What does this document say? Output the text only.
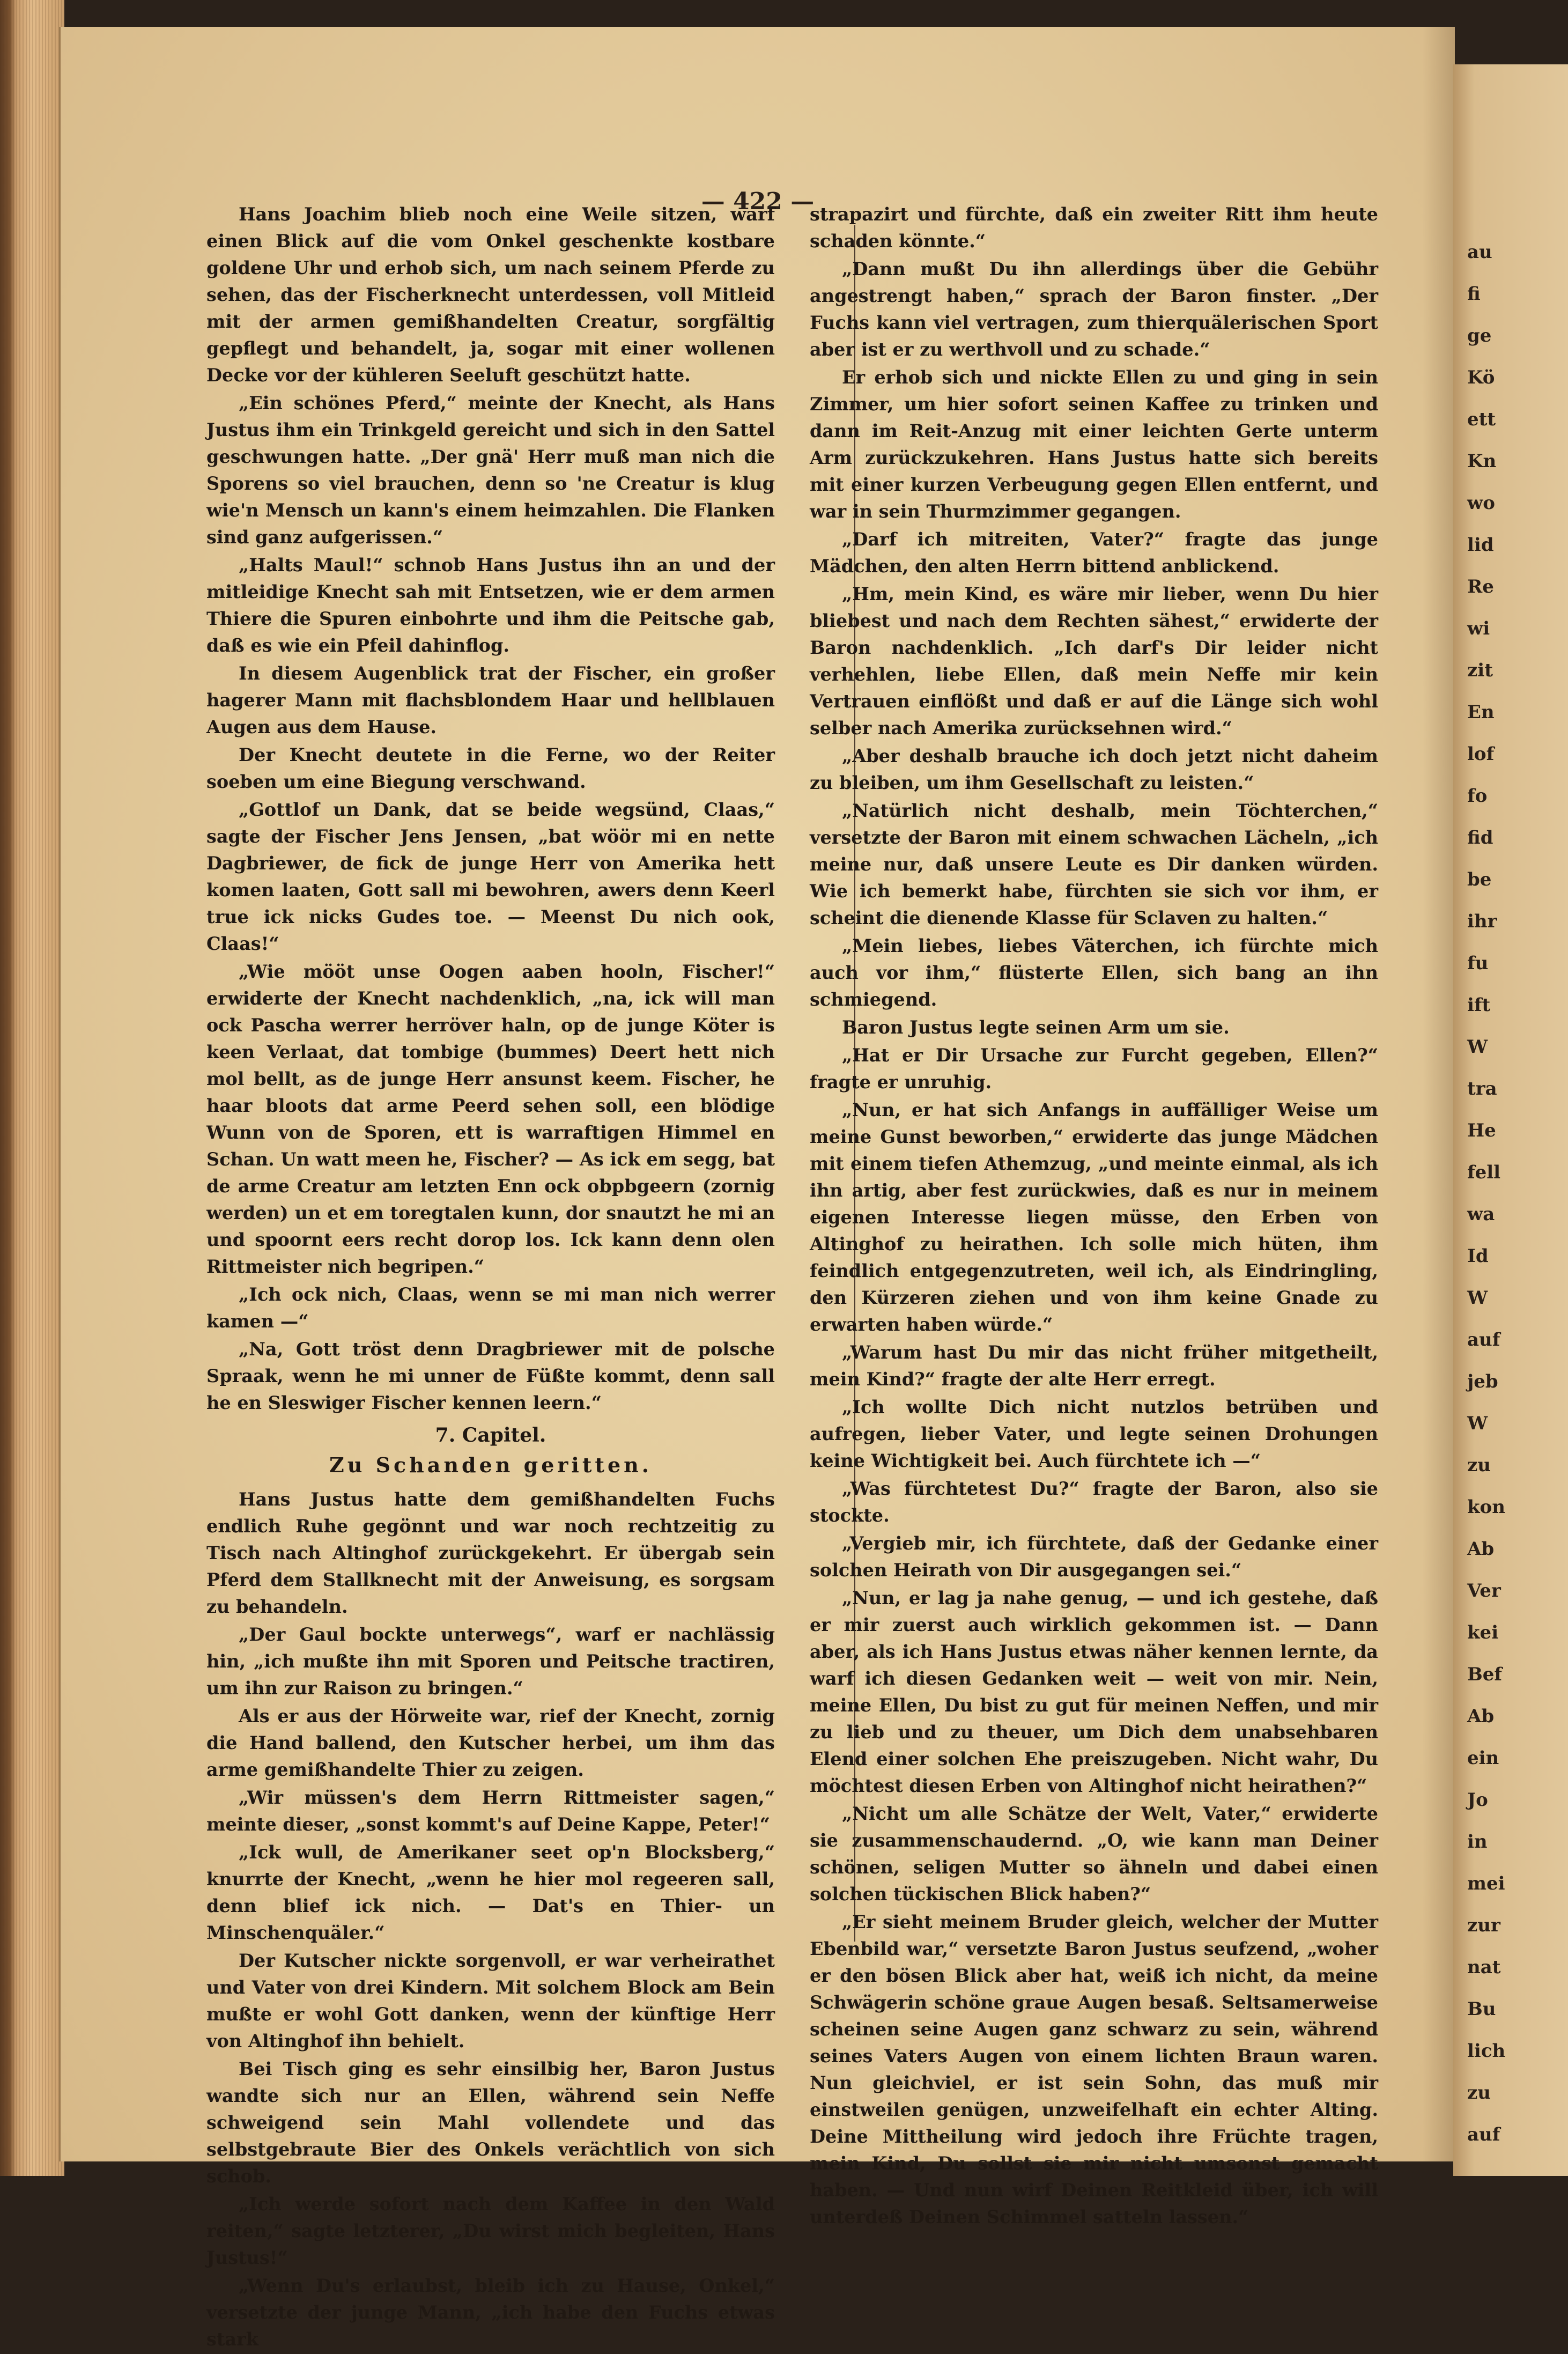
— 422 —
au
fi
ge
Kö
ett
Kn
wo
lid
Re
wi
zit
En
lof
fo
fid
be
ihr
fu
ift
W
tra
He
fell
wa
Id
W
auf
jeb
W
zu
kon
Ab
Ver
kei
Bef
Ab
ein
Jo
in
mei
zur
nat
Bu
lich
zu
auf

Hans Joachim blieb noch eine Weile sitzen, warf einen Blick auf die vom Onkel geschenkte kostbare goldene Uhr und erhob sich, um nach seinem Pferde zu sehen, das der Fischerknecht unterdessen, voll Mitleid mit der armen gemißhandelten Creatur, sorgfältig gepflegt und behandelt, ja, sogar mit einer wollenen Decke vor der kühleren Seeluft geschützt hatte.

„Ein schönes Pferd,“ meinte der Knecht, als Hans Justus ihm ein Trinkgeld gereicht und sich in den Sattel geschwungen hatte. „Der gnä' Herr muß man nich die Sporens so viel brauchen, denn so 'ne Creatur is klug wie'n Mensch un kann's einem heimzahlen. Die Flanken sind ganz aufgerissen.“

„Halts Maul!“ schnob Hans Justus ihn an und der mitleidige Knecht sah mit Entsetzen, wie er dem armen Thiere die Spuren einbohrte und ihm die Peitsche gab, daß es wie ein Pfeil dahinflog.

In diesem Augenblick trat der Fischer, ein großer hagerer Mann mit flachsblondem Haar und hellblauen Augen aus dem Hause.

Der Knecht deutete in die Ferne, wo der Reiter soeben um eine Biegung verschwand.

„Gottlof un Dank, dat se beide wegsünd, Claas,“ sagte der Fischer Jens Jensen, „bat wöör mi en nette Dagbriewer, de fick de junge Herr von Amerika hett komen laaten, Gott sall mi bewohren, awers denn Keerl true ick nicks Gudes toe. — Meenst Du nich ook, Claas!“

„Wie mööt unse Oogen aaben hooln, Fischer!“ erwiderte der Knecht nachdenklich, „na, ick will man ock Pascha werrer herröver haln, op de junge Köter is keen Verlaat, dat tombige (bummes) Deert hett nich mol bellt, as de junge Herr ansunst keem. Fischer, he haar bloots dat arme Peerd sehen soll, een blödige Wunn von de Sporen, ett is warraftigen Himmel en Schan. Un watt meen he, Fischer? — As ick em segg, bat de arme Creatur am letzten Enn ock obpbgeern (zornig werden) un et em toregtalen kunn, dor snautzt he mi an und spoornt eers recht dorop los. Ick kann denn olen Rittmeister nich begripen.“

„Ich ock nich, Claas, wenn se mi man nich werrer kamen —“

„Na, Gott tröst denn Dragbriewer mit de polsche Spraak, wenn he mi unner de Füßte kommt, denn sall he en Sleswiger Fischer kennen leern.“

7. Capitel.

Zu Schanden geritten.

Hans Justus hatte dem gemißhandelten Fuchs endlich Ruhe gegönnt und war noch rechtzeitig zu Tisch nach Altinghof zurückgekehrt. Er übergab sein Pferd dem Stallknecht mit der Anweisung, es sorgsam zu behandeln.

„Der Gaul bockte unterwegs“, warf er nachlässig hin, „ich mußte ihn mit Sporen und Peitsche tractiren, um ihn zur Raison zu bringen.“

Als er aus der Hörweite war, rief der Knecht, zornig die Hand ballend, den Kutscher herbei, um ihm das arme gemißhandelte Thier zu zeigen.

„Wir müssen's dem Herrn Rittmeister sagen,“ meinte dieser, „sonst kommt's auf Deine Kappe, Peter!“

„Ick wull, de Amerikaner seet op'n Blocksberg,“ knurrte der Knecht, „wenn he hier mol regeeren sall, denn blief ick nich. — Dat's en Thier- un Minschenquäler.“

Der Kutscher nickte sorgenvoll, er war verheirathet und Vater von drei Kindern. Mit solchem Block am Bein mußte er wohl Gott danken, wenn der künftige Herr von Altinghof ihn behielt.

Bei Tisch ging es sehr einsilbig her, Baron Justus wandte sich nur an Ellen, während sein Neffe schweigend sein Mahl vollendete und das selbstgebraute Bier des Onkels verächtlich von sich schob.

„Ich werde sofort nach dem Kaffee in den Wald reiten,“ sagte letzterer, „Du wirst mich begleiten, Hans Justus!“

„Wenn Du's erlaubst, bleib ich zu Hause, Onkel,“ versetzte der junge Mann, „ich habe den Fuchs etwas stark

strapazirt und fürchte, daß ein zweiter Ritt ihm heute schaden könnte.“

„Dann mußt Du ihn allerdings über die Gebühr angestrengt haben,“ sprach der Baron finster. „Der Fuchs kann viel vertragen, zum thierquälerischen Sport aber ist er zu werthvoll und zu schade.“

Er erhob sich und nickte Ellen zu und ging in sein Zimmer, um hier sofort seinen Kaffee zu trinken und dann im Reit-Anzug mit einer leichten Gerte unterm Arm zurückzukehren. Hans Justus hatte sich bereits mit einer kurzen Verbeugung gegen Ellen entfernt, und war in sein Thurmzimmer gegangen.

„Darf ich mitreiten, Vater?“ fragte das junge Mädchen, den alten Herrn bittend anblickend.

„Hm, mein Kind, es wäre mir lieber, wenn Du hier bliebest und nach dem Rechten sähest,“ erwiderte der Baron nachdenklich. „Ich darf's Dir leider nicht verhehlen, liebe Ellen, daß mein Neffe mir kein Vertrauen einflößt und daß er auf die Länge sich wohl selber nach Amerika zurücksehnen wird.“

„Aber deshalb brauche ich doch jetzt nicht daheim zu bleiben, um ihm Gesellschaft zu leisten.“

„Natürlich nicht deshalb, mein Töchterchen,“ versetzte der Baron mit einem schwachen Lächeln, „ich meine nur, daß unsere Leute es Dir danken würden. Wie ich bemerkt habe, fürchten sie sich vor ihm, er scheint die dienende Klasse für Sclaven zu halten.“

„Mein liebes, liebes Väterchen, ich fürchte mich auch vor ihm,“ flüsterte Ellen, sich bang an ihn schmiegend.

Baron Justus legte seinen Arm um sie.

„Hat er Dir Ursache zur Furcht gegeben, Ellen?“ fragte er unruhig.

„Nun, er hat sich Anfangs in auffälliger Weise um meine Gunst beworben,“ erwiderte das junge Mädchen mit einem tiefen Athemzug, „und meinte einmal, als ich ihn artig, aber fest zurückwies, daß es nur in meinem eigenen Interesse liegen müsse, den Erben von Altinghof zu heirathen. Ich solle mich hüten, ihm feindlich entgegenzutreten, weil ich, als Eindringling, den Kürzeren ziehen und von ihm keine Gnade zu erwarten haben würde.“

„Warum hast Du mir das nicht früher mitgetheilt, mein Kind?“ fragte der alte Herr erregt.

„Ich wollte Dich nicht nutzlos betrüben und aufregen, lieber Vater, und legte seinen Drohungen keine Wichtigkeit bei. Auch fürchtete ich —“

„Was fürchtetest Du?“ fragte der Baron, also sie stockte.

„Vergieb mir, ich fürchtete, daß der Gedanke einer solchen Heirath von Dir ausgegangen sei.“

„Nun, er lag ja nahe genug, — und ich gestehe, daß er mir zuerst auch wirklich gekommen ist. — Dann aber, als ich Hans Justus etwas näher kennen lernte, da warf ich diesen Gedanken weit — weit von mir. Nein, meine Ellen, Du bist zu gut für meinen Neffen, und mir zu lieb und zu theuer, um Dich dem unabsehbaren Elend einer solchen Ehe preiszugeben. Nicht wahr, Du möchtest diesen Erben von Altinghof nicht heirathen?“

„Nicht um alle Schätze der Welt, Vater,“ erwiderte sie zusammenschaudernd. „O, wie kann man Deiner schönen, seligen Mutter so ähneln und dabei einen solchen tückischen Blick haben?“

„Er sieht meinem Bruder gleich, welcher der Mutter Ebenbild war,“ versetzte Baron Justus seufzend, „woher er den bösen Blick aber hat, weiß ich nicht, da meine Schwägerin schöne graue Augen besaß. Seltsamerweise scheinen seine Augen ganz schwarz zu sein, während seines Vaters Augen von einem lichten Braun waren. Nun gleichviel, er ist sein Sohn, das muß mir einstweilen genügen, unzweifelhaft ein echter Alting. Deine Mittheilung wird jedoch ihre Früchte tragen, mein Kind, Du sollst sie mir nicht umsonst gemacht haben. — Und nun wirf Deinen Reitkleid über, ich will unterdeß Deinen Schimmel satteln lassen.“
